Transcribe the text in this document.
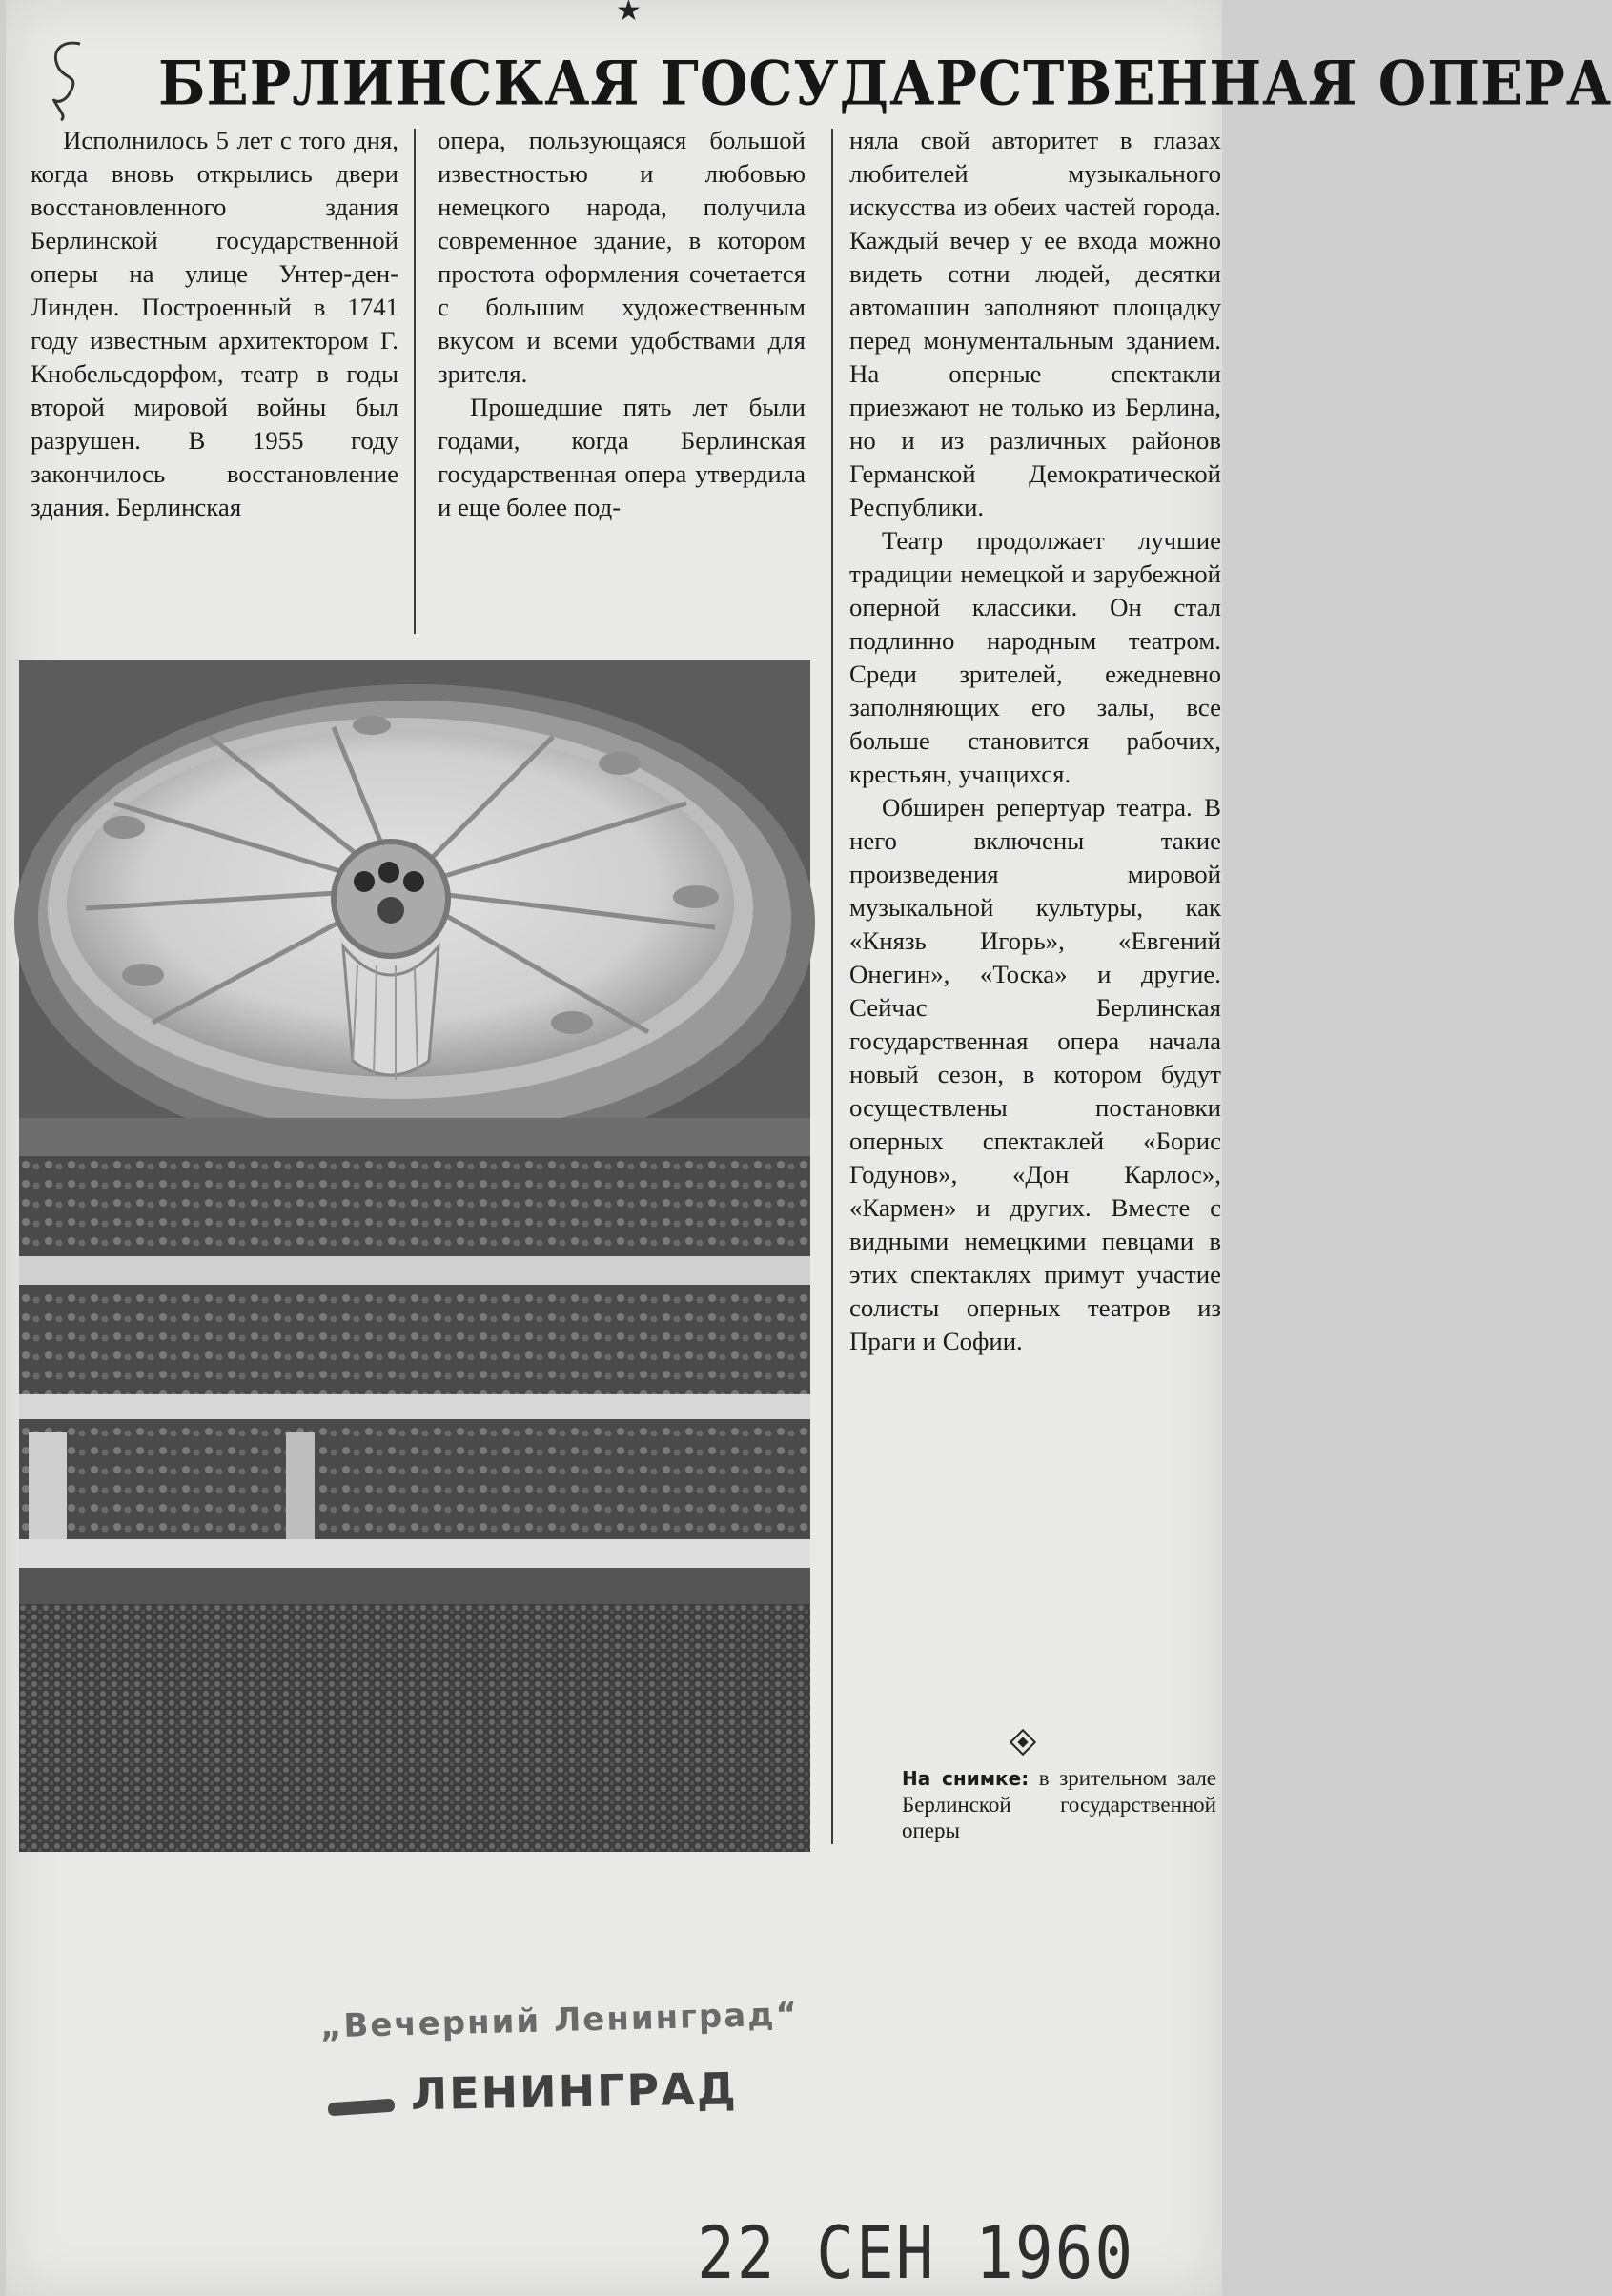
★
БЕРЛИНСКАЯ ГОСУДАРСТВЕННАЯ ОПЕРА

Исполнилось 5 лет с того дня, когда вновь открылись двери восстановленного здания Берлинской государственной оперы на улице Унтер-ден-Линден. Построенный в 1741 году известным архитектором Г. Кнобельсдорфом, театр в годы второй мировой войны был разрушен. В 1955 году закончилось восстановление здания. Берлинская

опера, пользующаяся большой известностью и любовью немецкого народа, получила современное здание, в котором простота оформления сочетается с большим художественным вкусом и всеми удобствами для зрителя.

Прошедшие пять лет были годами, когда Берлинская государственная опера утвердила и еще более под-

няла свой авторитет в глазах любителей музыкального искусства из обеих частей города. Каждый вечер у ее входа можно видеть сотни людей, десятки автомашин заполняют площадку перед монументальным зданием. На оперные спектакли приезжают не только из Берлина, но и из различных районов Германской Демократической Республики.

Театр продолжает лучшие традиции немецкой и зарубежной оперной классики. Он стал подлинно народным театром. Среди зрителей, ежедневно заполняющих его залы, все больше становится рабочих, крестьян, учащихся.

Обширен репертуар театра. В него включены такие произведения мировой музыкальной культуры, как «Князь Игорь», «Евгений Онегин», «Тоска» и другие. Сейчас Берлинская государственная опера начала новый сезон, в котором будут осуществлены постановки оперных спектаклей «Борис Годунов», «Дон Карлос», «Кармен» и других. Вместе с видными немецкими певцами в этих спектаклях примут участие солисты оперных театров из Праги и Софии.

На снимке: в зрительном зале Берлинской государственной оперы
„Вечерний Ленинград“
ЛЕНИНГРАД
22 СЕН 1960
